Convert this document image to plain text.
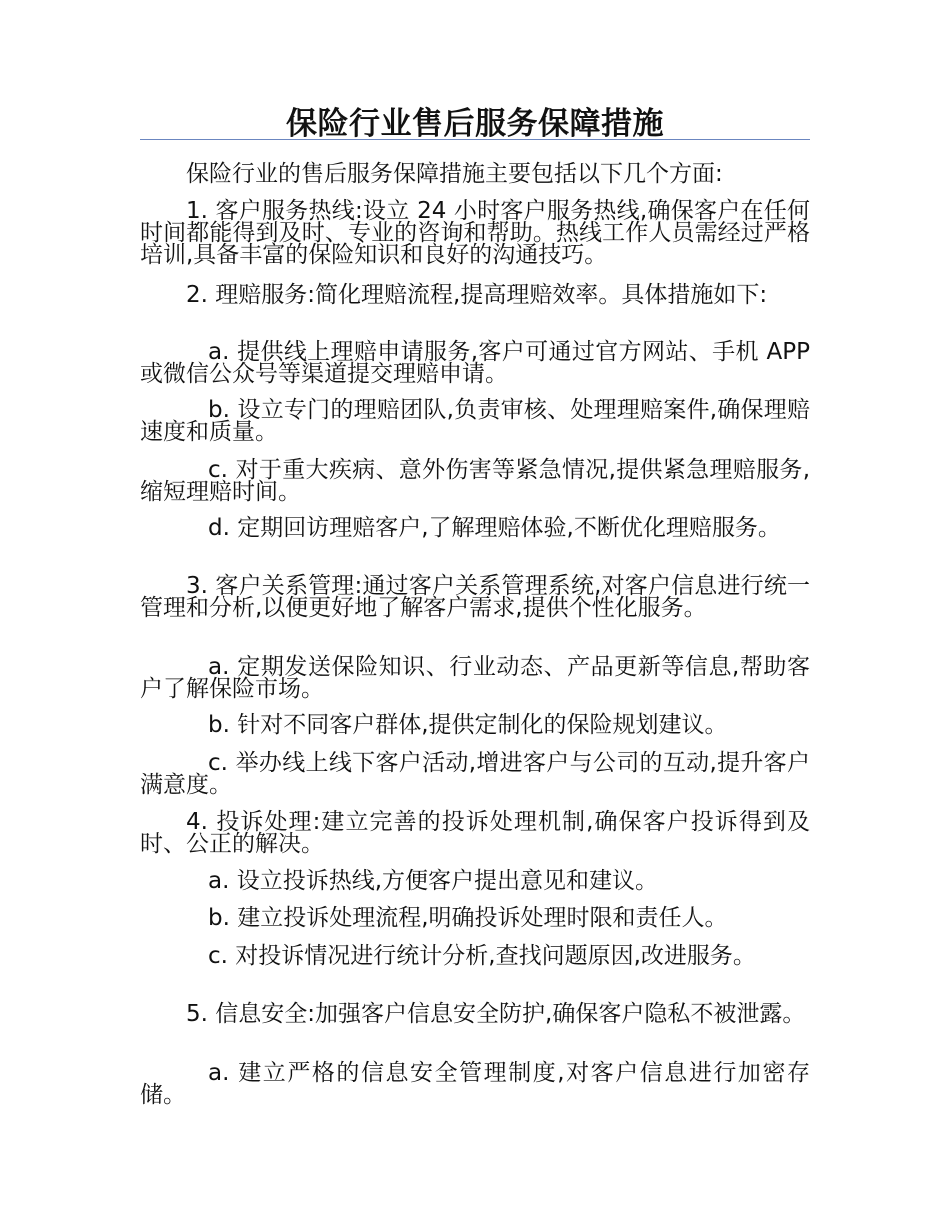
保险行业售后服务保障措施

保险行业的售后服务保障措施主要包括以下几个方面:

1. 客户服务热线:设立 24 小时客户服务热线,确保客户在任何时间都能得到及时、专业的咨询和帮助。热线工作人员需经过严格培训,具备丰富的保险知识和良好的沟通技巧。

2. 理赔服务:简化理赔流程,提高理赔效率。具体措施如下:

a. 提供线上理赔申请服务,客户可通过官方网站、手机 APP 或微信公众号等渠道提交理赔申请。

b. 设立专门的理赔团队,负责审核、处理理赔案件,确保理赔速度和质量。

c. 对于重大疾病、意外伤害等紧急情况,提供紧急理赔服务,缩短理赔时间。

d. 定期回访理赔客户,了解理赔体验,不断优化理赔服务。

3. 客户关系管理:通过客户关系管理系统,对客户信息进行统一管理和分析,以便更好地了解客户需求,提供个性化服务。

a. 定期发送保险知识、行业动态、产品更新等信息,帮助客户了解保险市场。

b. 针对不同客户群体,提供定制化的保险规划建议。

c. 举办线上线下客户活动,增进客户与公司的互动,提升客户满意度。

4. 投诉处理:建立完善的投诉处理机制,确保客户投诉得到及时、公正的解决。

a. 设立投诉热线,方便客户提出意见和建议。

b. 建立投诉处理流程,明确投诉处理时限和责任人。

c. 对投诉情况进行统计分析,查找问题原因,改进服务。

5. 信息安全:加强客户信息安全防护,确保客户隐私不被泄露。

a. 建立严格的信息安全管理制度,对客户信息进行加密存储。
